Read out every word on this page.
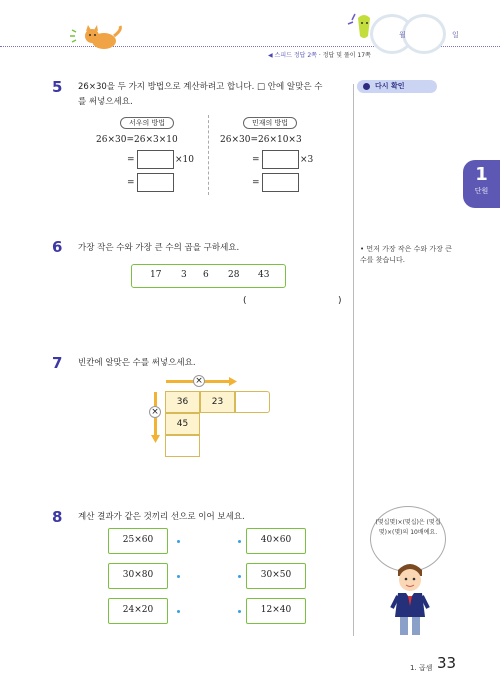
월	일
◀ 스피드 정답 2쪽 · 정답 및 풀이 17쪽
다시 확인
1
단원
• 먼저 가장 작은 수와 가장 큰 수를 찾습니다.
5 26×30을 두 가지 방법으로 계산하려고 합니다. □ 안에 알맞은 수
를 써넣으세요.
서우의 방법
26×30=26×3×10
=	×10
=
민재의 방법
26×30=26×10×3
=	×3
=
6 가장 작은 수와 가장 큰 수의 곱을 구하세요.
17 3 6 28 43
(	)
7 빈칸에 알맞은 수를 써넣으세요.
×
×
36	23
45
8 계산 결과가 같은 것끼리 선으로 이어 보세요.
25×60
30×80
24×20
40×60
30×50
12×40
(몇십몇)×(몇십)은 (몇십몇)×(몇)의 10배예요.
1. 곱셈 33
